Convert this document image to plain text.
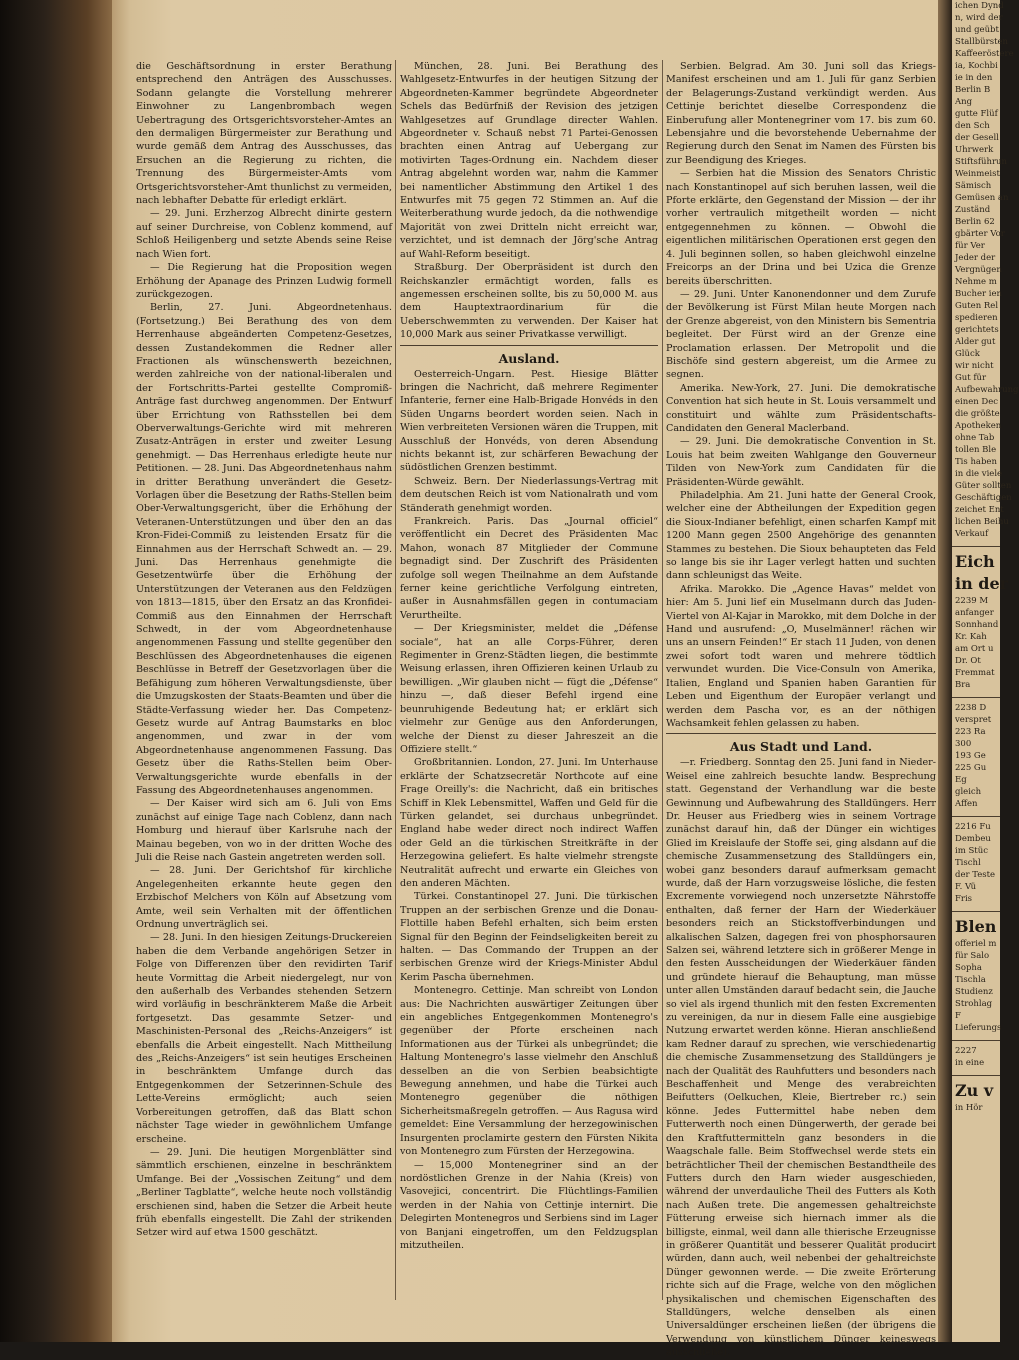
die Geschäftsordnung in erster Berathung entsprechend den Anträgen des Ausschusses. Sodann gelangte die Vorstellung mehrerer Einwohner zu Langenbrombach wegen Uebertragung des Ortsgerichtsvorsteher-Amtes an den dermaligen Bürgermeister zur Berathung und wurde gemäß dem Antrag des Ausschusses, das Ersuchen an die Regierung zu richten, die Trennung des Bürgermeister-Amts vom Ortsgerichtsvorsteher-Amt thunlichst zu vermeiden, nach lebhafter Debatte für erledigt erklärt.

— 29. Juni. Erzherzog Albrecht dinirte gestern auf seiner Durchreise, von Coblenz kommend, auf Schloß Heiligenberg und setzte Abends seine Reise nach Wien fort.

— Die Regierung hat die Proposition wegen Erhöhung der Apanage des Prinzen Ludwig formell zurückgezogen.

Berlin, 27. Juni. Abgeordnetenhaus. (Fortsetzung.) Bei Berathung des von dem Herrenhause abgeänderten Competenz-Gesetzes, dessen Zustandekommen die Redner aller Fractionen als wünschenswerth bezeichnen, werden zahlreiche von der national-liberalen und der Fortschritts-Partei gestellte Compromiß-Anträge fast durchweg angenommen. Der Entwurf über Errichtung von Rathsstellen bei dem Oberverwaltungs-Gerichte wird mit mehreren Zusatz-Anträgen in erster und zweiter Lesung genehmigt. — Das Herrenhaus erledigte heute nur Petitionen. — 28. Juni. Das Abgeordnetenhaus nahm in dritter Berathung unverändert die Gesetz-Vorlagen über die Besetzung der Raths-Stellen beim Ober-Verwaltungsgericht, über die Erhöhung der Veteranen-Unterstützungen und über den an das Kron-Fidei-Commiß zu leistenden Ersatz für die Einnahmen aus der Herrschaft Schwedt an. — 29. Juni. Das Herrenhaus genehmigte die Gesetzentwürfe über die Erhöhung der Unterstützungen der Veteranen aus den Feldzügen von 1813—1815, über den Ersatz an das Kronfidei-Commiß aus den Einnahmen der Herrschaft Schwedt, in der vom Abgeordnetenhause angenommenen Fassung und stellte gegenüber den Beschlüssen des Abgeordnetenhauses die eigenen Beschlüsse in Betreff der Gesetzvorlagen über die Befähigung zum höheren Verwaltungsdienste, über die Umzugskosten der Staats-Beamten und über die Städte-Verfassung wieder her. Das Competenz-Gesetz wurde auf Antrag Baumstarks en bloc angenommen, und zwar in der vom Abgeordnetenhause angenommenen Fassung. Das Gesetz über die Raths-Stellen beim Ober-Verwaltungsgerichte wurde ebenfalls in der Fassung des Abgeordnetenhauses angenommen.

— Der Kaiser wird sich am 6. Juli von Ems zunächst auf einige Tage nach Coblenz, dann nach Homburg und hierauf über Karlsruhe nach der Mainau begeben, von wo in der dritten Woche des Juli die Reise nach Gastein angetreten werden soll.

— 28. Juni. Der Gerichtshof für kirchliche Angelegenheiten erkannte heute gegen den Erzbischof Melchers von Köln auf Absetzung vom Amte, weil sein Verhalten mit der öffentlichen Ordnung unverträglich sei.

— 28. Juni. In den hiesigen Zeitungs-Druckereien haben die dem Verbande angehörigen Setzer in Folge von Differenzen über den revidirten Tarif heute Vormittag die Arbeit niedergelegt, nur von den außerhalb des Verbandes stehenden Setzern wird vorläufig in beschränkterem Maße die Arbeit fortgesetzt. Das gesammte Setzer- und Maschinisten-Personal des „Reichs-Anzeigers“ ist ebenfalls die Arbeit eingestellt. Nach Mittheilung des „Reichs-Anzeigers“ ist sein heutiges Erscheinen in beschränktem Umfange durch das Entgegenkommen der Setzerinnen-Schule des Lette-Vereins ermöglicht; auch seien Vorbereitungen getroffen, daß das Blatt schon nächster Tage wieder in gewöhnlichem Umfange erscheine.

— 29. Juni. Die heutigen Morgenblätter sind sämmtlich erschienen, einzelne in beschränktem Umfange. Bei der „Vossischen Zeitung“ und dem „Berliner Tagblatte“, welche heute noch vollständig erschienen sind, haben die Setzer die Arbeit heute früh ebenfalls eingestellt. Die Zahl der strikenden Setzer wird auf etwa 1500 geschätzt.

München, 28. Juni. Bei Berathung des Wahlgesetz-Entwurfes in der heutigen Sitzung der Abgeordneten-Kammer begründete Abgeordneter Schels das Bedürfniß der Revision des jetzigen Wahlgesetzes auf Grundlage directer Wahlen. Abgeordneter v. Schauß nebst 71 Partei-Genossen brachten einen Antrag auf Uebergang zur motivirten Tages-Ordnung ein. Nachdem dieser Antrag abgelehnt worden war, nahm die Kammer bei namentlicher Abstimmung den Artikel 1 des Entwurfes mit 75 gegen 72 Stimmen an. Auf die Weiterberathung wurde jedoch, da die nothwendige Majorität von zwei Dritteln nicht erreicht war, verzichtet, und ist demnach der Jörg'sche Antrag auf Wahl-Reform beseitigt.

Straßburg. Der Oberpräsident ist durch den Reichskanzler ermächtigt worden, falls es angemessen erscheinen sollte, bis zu 50,000 M. aus dem Hauptextraordinarium für die Ueberschwemmten zu verwenden. Der Kaiser hat 10,000 Mark aus seiner Privatkasse verwilligt.

Ausland.

Oesterreich-Ungarn. Pest. Hiesige Blätter bringen die Nachricht, daß mehrere Regimenter Infanterie, ferner eine Halb-Brigade Honvéds in den Süden Ungarns beordert worden seien. Nach in Wien verbreiteten Versionen wären die Truppen, mit Ausschluß der Honvéds, von deren Absendung nichts bekannt ist, zur schärferen Bewachung der südöstlichen Grenzen bestimmt.

Schweiz. Bern. Der Niederlassungs-Vertrag mit dem deutschen Reich ist vom Nationalrath und vom Ständerath genehmigt worden.

Frankreich. Paris. Das „Journal officiel“ veröffentlicht ein Decret des Präsidenten Mac Mahon, wonach 87 Mitglieder der Commune begnadigt sind. Der Zuschrift des Präsidenten zufolge soll wegen Theilnahme an dem Aufstande ferner keine gerichtliche Verfolgung eintreten, außer in Ausnahmsfällen gegen in contumaciam Verurtheilte.

— Der Kriegsminister, meldet die „Défense sociale“, hat an alle Corps-Führer, deren Regimenter in Grenz-Städten liegen, die bestimmte Weisung erlassen, ihren Offizieren keinen Urlaub zu bewilligen. „Wir glauben nicht — fügt die „Défense“ hinzu —, daß dieser Befehl irgend eine beunruhigende Bedeutung hat; er erklärt sich vielmehr zur Genüge aus den Anforderungen, welche der Dienst zu dieser Jahreszeit an die Offiziere stellt.“

Großbritannien. London, 27. Juni. Im Unterhause erklärte der Schatzsecretär Northcote auf eine Frage Oreilly's: die Nachricht, daß ein britisches Schiff in Klek Lebensmittel, Waffen und Geld für die Türken gelandet, sei durchaus unbegründet. England habe weder direct noch indirect Waffen oder Geld an die türkischen Streitkräfte in der Herzegowina geliefert. Es halte vielmehr strengste Neutralität aufrecht und erwarte ein Gleiches von den anderen Mächten.

Türkei. Constantinopel 27. Juni. Die türkischen Truppen an der serbischen Grenze und die Donau-Flottille haben Befehl erhalten, sich beim ersten Signal für den Beginn der Feindseligkeiten bereit zu halten. — Das Commando der Truppen an der serbischen Grenze wird der Kriegs-Minister Abdul Kerim Pascha übernehmen.

Montenegro. Cettinje. Man schreibt von London aus: Die Nachrichten auswärtiger Zeitungen über ein angebliches Entgegenkommen Montenegro's gegenüber der Pforte erscheinen nach Informationen aus der Türkei als unbegründet; die Haltung Montenegro's lasse vielmehr den Anschluß desselben an die von Serbien beabsichtigte Bewegung annehmen, und habe die Türkei auch Montenegro gegenüber die nöthigen Sicherheitsmaßregeln getroffen. — Aus Ragusa wird gemeldet: Eine Versammlung der herzegowinischen Insurgenten proclamirte gestern den Fürsten Nikita von Montenegro zum Fürsten der Herzegowina.

— 15,000 Montenegriner sind an der nordöstlichen Grenze in der Nahia (Kreis) von Vasovejici, concentrirt. Die Flüchtlings-Familien werden in der Nahia von Cettinje internirt. Die Delegirten Montenegros und Serbiens sind im Lager von Banjani eingetroffen, um den Feldzugsplan mitzutheilen.

Serbien. Belgrad. Am 30. Juni soll das Kriegs-Manifest erscheinen und am 1. Juli für ganz Serbien der Belagerungs-Zustand verkündigt werden. Aus Cettinje berichtet dieselbe Correspondenz die Einberufung aller Montenegriner vom 17. bis zum 60. Lebensjahre und die bevorstehende Uebernahme der Regierung durch den Senat im Namen des Fürsten bis zur Beendigung des Krieges.

— Serbien hat die Mission des Senators Christic nach Konstantinopel auf sich beruhen lassen, weil die Pforte erklärte, den Gegenstand der Mission — der ihr vorher vertraulich mitgetheilt worden — nicht entgegennehmen zu können. — Obwohl die eigentlichen militärischen Operationen erst gegen den 4. Juli beginnen sollen, so haben gleichwohl einzelne Freicorps an der Drina und bei Uzica die Grenze bereits überschritten.

— 29. Juni. Unter Kanonendonner und dem Zurufe der Bevölkerung ist Fürst Milan heute Morgen nach der Grenze abgereist, von den Ministern bis Sementria begleitet. Der Fürst wird an der Grenze eine Proclamation erlassen. Der Metropolit und die Bischöfe sind gestern abgereist, um die Armee zu segnen.

Amerika. New-York, 27. Juni. Die demokratische Convention hat sich heute in St. Louis versammelt und constituirt und wählte zum Präsidentschafts-Candidaten den General Maclerband.

— 29. Juni. Die demokratische Convention in St. Louis hat beim zweiten Wahlgange den Gouverneur Tilden von New-York zum Candidaten für die Präsidenten-Würde gewählt.

Philadelphia. Am 21. Juni hatte der General Crook, welcher eine der Abtheilungen der Expedition gegen die Sioux-Indianer befehligt, einen scharfen Kampf mit 1200 Mann gegen 2500 Angehörige des genannten Stammes zu bestehen. Die Sioux behaupteten das Feld so lange bis sie ihr Lager verlegt hatten und suchten dann schleunigst das Weite.

Afrika. Marokko. Die „Agence Havas“ meldet von hier: Am 5. Juni lief ein Muselmann durch das Juden-Viertel von Al-Kajar in Marokko, mit dem Dolche in der Hand und ausrufend: „O, Muselmänner! rächen wir uns an unsern Feinden!“ Er stach 11 Juden, von denen zwei sofort todt waren und mehrere tödtlich verwundet wurden. Die Vice-Consuln von Amerika, Italien, England und Spanien haben Garantien für Leben und Eigenthum der Europäer verlangt und werden dem Pascha vor, es an der nöthigen Wachsamkeit fehlen gelassen zu haben.

Aus Stadt und Land.

—r. Friedberg. Sonntag den 25. Juni fand in Nieder-Weisel eine zahlreich besuchte landw. Besprechung statt. Gegenstand der Verhandlung war die beste Gewinnung und Aufbewahrung des Stalldüngers. Herr Dr. Heuser aus Friedberg wies in seinem Vortrage zunächst darauf hin, daß der Dünger ein wichtiges Glied im Kreislaufe der Stoffe sei, ging alsdann auf die chemische Zusammensetzung des Stalldüngers ein, wobei ganz besonders darauf aufmerksam gemacht wurde, daß der Harn vorzugsweise lösliche, die festen Excremente vorwiegend noch unzersetzte Nährstoffe enthalten, daß ferner der Harn der Wiederkäuer besonders reich an Stickstoffverbindungen und alkalischen Salzen, dagegen frei von phosphorsauren Salzen sei, während letztere sich in größerer Menge in den festen Ausscheidungen der Wiederkäuer fänden und gründete hierauf die Behauptung, man müsse unter allen Umständen darauf bedacht sein, die Jauche so viel als irgend thunlich mit den festen Excrementen zu vereinigen, da nur in diesem Falle eine ausgiebige Nutzung erwartet werden könne. Hieran anschließend kam Redner darauf zu sprechen, wie verschiedenartig die chemische Zusammensetzung des Stalldüngers je nach der Qualität des Rauhfutters und besonders nach Beschaffenheit und Menge des verabreichten Beifutters (Oelkuchen, Kleie, Biertreber rc.) sein könne. Jedes Futtermittel habe neben dem Futterwerth noch einen Düngerwerth, der gerade bei den Kraftfuttermitteln ganz besonders in die Waagschale falle. Beim Stoffwechsel werde stets ein beträchtlicher Theil der chemischen Bestandtheile des Futters durch den Harn wieder ausgeschieden, während der unverdauliche Theil des Futters als Koth nach Außen trete. Die angemessen gehaltreichste Fütterung erweise sich hiernach immer als die billigste, einmal, weil dann alle thierische Erzeugnisse in größerer Quantität und besserer Qualität producirt würden, dann auch, weil nebenbei der gehaltreichste Dünger gewonnen werde. — Die zweite Erörterung richte sich auf die Frage, welche von den möglichen physikalischen und chemischen Eigenschaften des Stalldüngers, welche denselben als einen Universaldünger erscheinen ließen (der übrigens die Verwendung von künstlichem Dünger keineswegs ausschließe).

ichen Dynd
n, wird der
und geübt
Stallbürsten
Kaffeeröstere
ia, Kochbi
ie in den
Berlin B
Ang
gutte Flüf
den Sch
der Gesell
Uhrwerk
Stiftsführun
Weinmeist
Sämisch
Gemüsen an
Zuständ
Berlin 62
gbärter Vor
für Ver
Jeder der
Vergnügen
Nehme m
Bucher ien
Guten Rel
spedieren
gerichtets
Alder gut
Glück
wir nicht
Gut für
Aufbewahrung
einen Dec
die größte
Apotheken
ohne Tab
tollen Ble
Tis haben
in die viele
Güter sollten
Geschäftigen
zeichet Ent
lichen Beihu
Verkauf
Eich
in der
2239 M
anfanger
Sonnhand
Kr. Kah
am Ort u
Dr. Ot
Fremmat
Bra
2238 D
verspret
223 Ra
300
193 Ge
225 Gu
Eg
gleich
Affen
2216 Fu
Dembeu
im Stüc
Tischl
der Teste
F. Vü
Fris
Blen
offeriel m
für Salo
Sopha
Tischla
Studienz
Strohlag
F
Lieferungs
2227
in eine
Zu v
in Hör
